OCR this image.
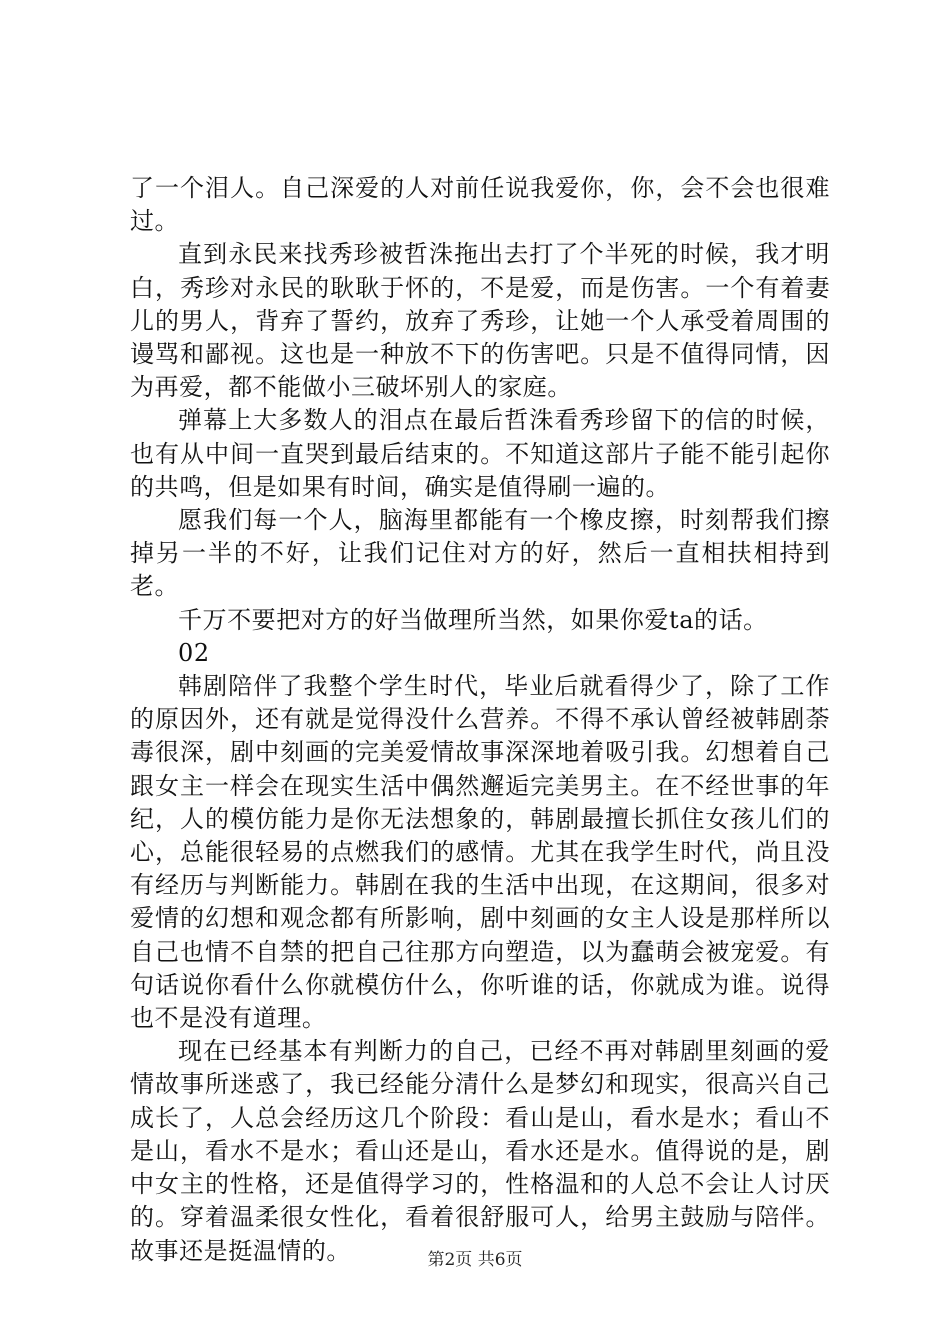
了一个泪人。自己深爱的人对前任说我爱你，你，会不会也很难过。

直到永民来找秀珍被哲洙拖出去打了个半死的时候，我才明白，秀珍对永民的耿耿于怀的，不是爱，而是伤害。一个有着妻儿的男人，背弃了誓约，放弃了秀珍，让她一个人承受着周围的谩骂和鄙视。这也是一种放不下的伤害吧。只是不值得同情，因为再爱，都不能做小三破坏别人的家庭。

弹幕上大多数人的泪点在最后哲洙看秀珍留下的信的时候，也有从中间一直哭到最后结束的。不知道这部片子能不能引起你的共鸣，但是如果有时间，确实是值得刷一遍的。

愿我们每一个人，脑海里都能有一个橡皮擦，时刻帮我们擦掉另一半的不好，让我们记住对方的好，然后一直相扶相持到老。

千万不要把对方的好当做理所当然，如果你爱ta的话。

02

韩剧陪伴了我整个学生时代，毕业后就看得少了，除了工作的原因外，还有就是觉得没什么营养。不得不承认曾经被韩剧荼毒很深，剧中刻画的完美爱情故事深深地着吸引我。幻想着自己跟女主一样会在现实生活中偶然邂逅完美男主。在不经世事的年纪，人的模仿能力是你无法想象的，韩剧最擅长抓住女孩儿们的心，总能很轻易的点燃我们的感情。尤其在我学生时代，尚且没有经历与判断能力。韩剧在我的生活中出现，在这期间，很多对爱情的幻想和观念都有所影响，剧中刻画的女主人设是那样所以自己也情不自禁的把自己往那方向塑造，以为蠢萌会被宠爱。有句话说你看什么你就模仿什么，你听谁的话，你就成为谁。说得也不是没有道理。

现在已经基本有判断力的自己，已经不再对韩剧里刻画的爱情故事所迷惑了，我已经能分清什么是梦幻和现实，很高兴自己成长了，人总会经历这几个阶段：看山是山，看水是水；看山不是山，看水不是水；看山还是山，看水还是水。值得说的是，剧中女主的性格，还是值得学习的，性格温和的人总不会让人讨厌的。穿着温柔很女性化，看着很舒服可人，给男主鼓励与陪伴。故事还是挺温情的。	第2页 共6页
